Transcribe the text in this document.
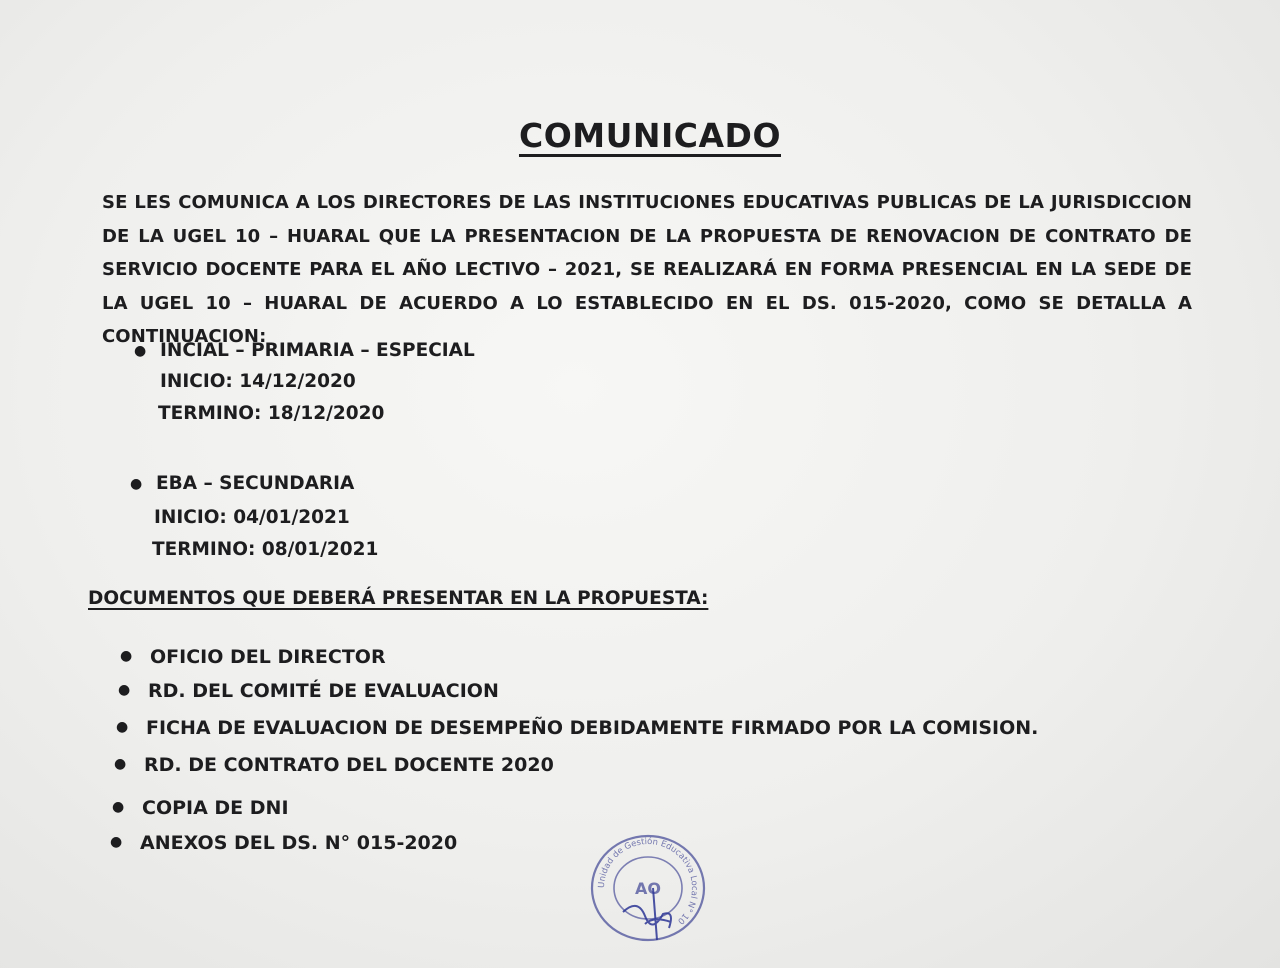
COMUNICADO
SE LES COMUNICA A LOS DIRECTORES DE LAS INSTITUCIONES EDUCATIVAS PUBLICAS DE LA JURISDICCION DE LA UGEL 10 – HUARAL QUE LA PRESENTACION DE LA PROPUESTA DE RENOVACION DE CONTRATO DE SERVICIO DOCENTE PARA EL AÑO LECTIVO – 2021, SE REALIZARÁ EN FORMA PRESENCIAL EN LA SEDE DE LA UGEL 10 – HUARAL DE ACUERDO A LO ESTABLECIDO EN EL DS. 015-2020, COMO SE DETALLA A CONTINUACION:
● INCIAL – PRIMARIA – ESPECIAL
INICIO: 14/12/2020
TERMINO: 18/12/2020
● EBA – SECUNDARIA
INICIO: 04/01/2021
TERMINO: 08/01/2021
DOCUMENTOS QUE DEBERÁ PRESENTAR EN LA PROPUESTA:
● OFICIO DEL DIRECTOR
● RD. DEL COMITÉ DE EVALUACION
● FICHA DE EVALUACION DE DESEMPEÑO DEBIDAMENTE FIRMADO POR LA COMISION.
● RD. DE CONTRATO DEL DOCENTE 2020
● COPIA DE DNI
● ANEXOS DEL DS. N° 015-2020
Unidad de Gestión Educativa Local N° 10
AO
